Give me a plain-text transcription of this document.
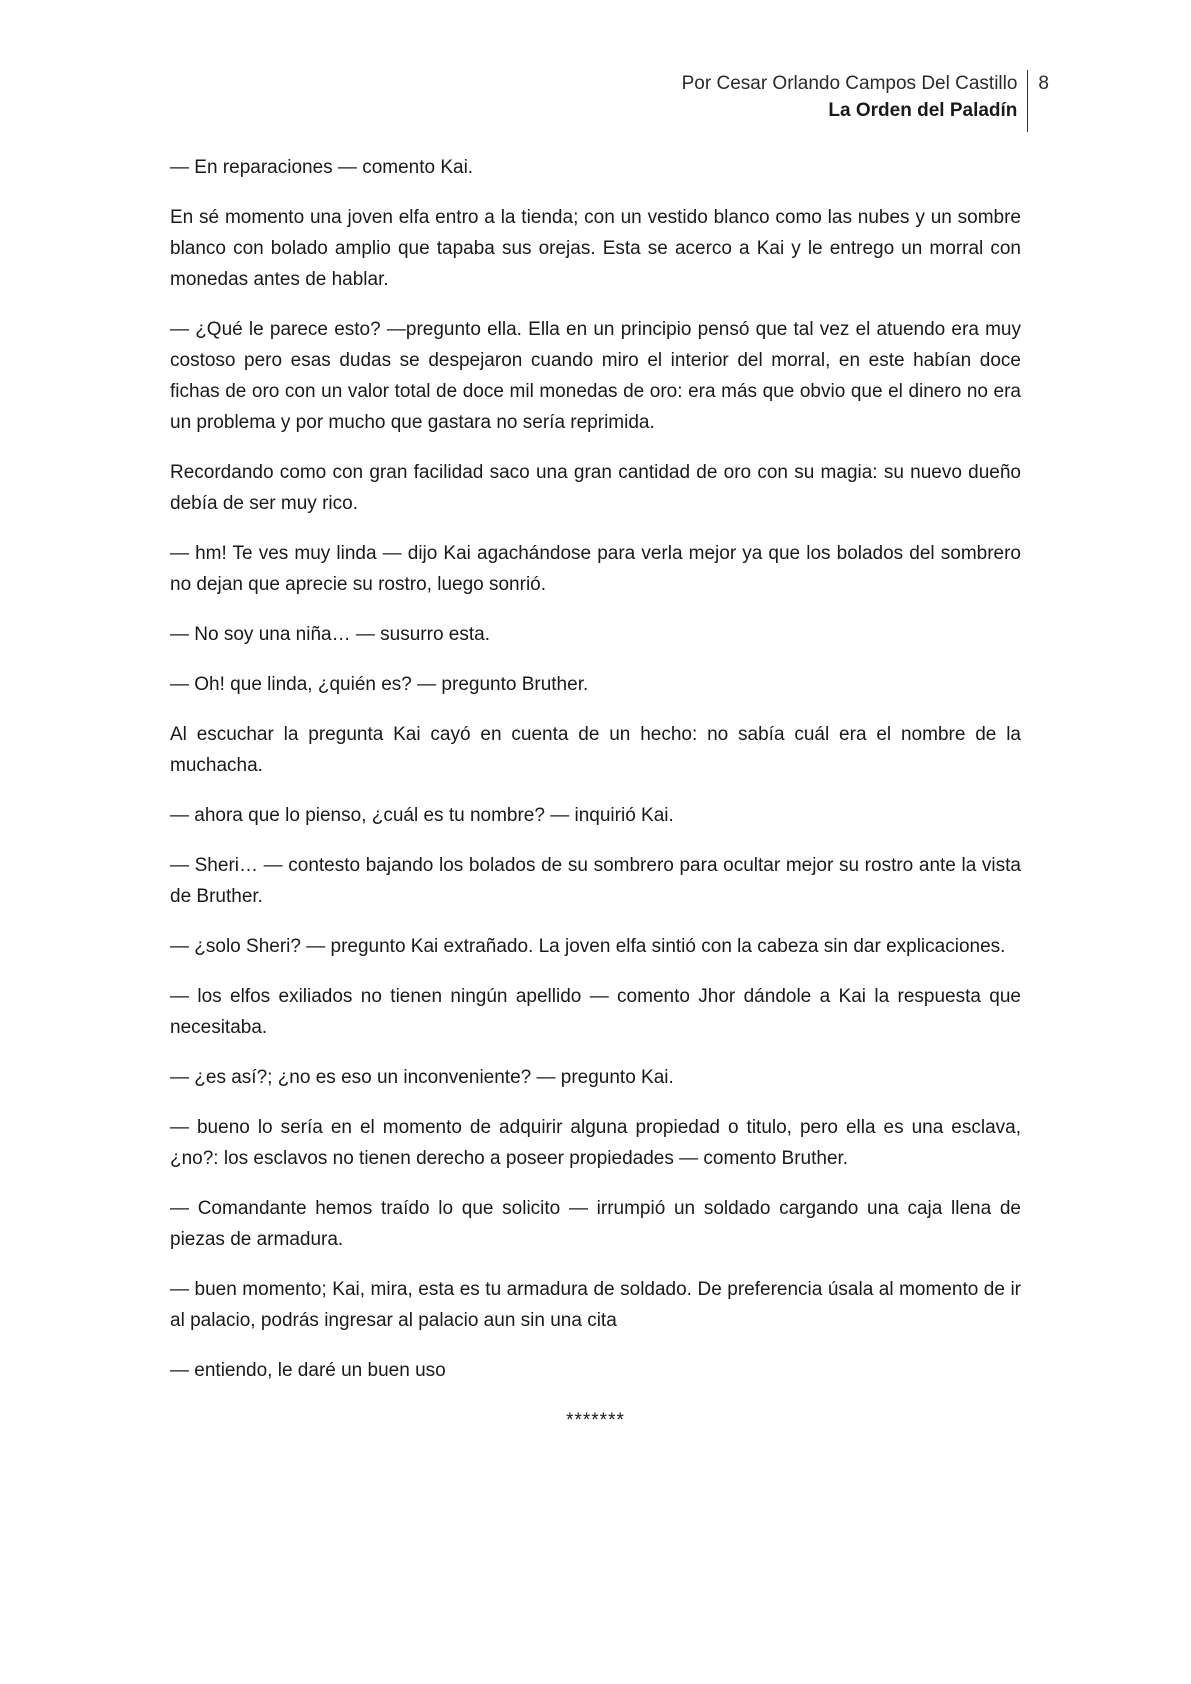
Por Cesar Orlando Campos Del Castillo
La Orden del Paladín
8

— En reparaciones — comento Kai.

En sé momento una joven elfa entro a la tienda; con un vestido blanco como las nubes y un sombre blanco con bolado amplio que tapaba sus orejas. Esta se acerco a Kai y le entrego un morral con monedas antes de hablar.

— ¿Qué le parece esto? —pregunto ella. Ella en un principio pensó que tal vez el atuendo era muy costoso pero esas dudas se despejaron cuando miro el interior del morral, en este habían doce fichas de oro con un valor total de doce mil monedas de oro: era más que obvio que el dinero no era un problema y por mucho que gastara no sería reprimida.

Recordando como con gran facilidad saco una gran cantidad de oro con su magia: su nuevo dueño debía de ser muy rico.

— hm! Te ves muy linda — dijo Kai agachándose para verla mejor ya que los bolados del sombrero no dejan que aprecie su rostro, luego sonrió.

— No soy una niña… — susurro esta.

— Oh! que linda, ¿quién es? — pregunto Bruther.

Al escuchar la pregunta Kai cayó en cuenta de un hecho: no sabía cuál era el nombre de la muchacha.

— ahora que lo pienso, ¿cuál es tu nombre? — inquirió Kai.

— Sheri… — contesto bajando los bolados de su sombrero para ocultar mejor su rostro ante la vista de Bruther.

— ¿solo Sheri? — pregunto Kai extrañado. La joven elfa sintió con la cabeza sin dar explicaciones.

— los elfos exiliados no tienen ningún apellido — comento Jhor dándole a Kai la respuesta que necesitaba.

— ¿es así?; ¿no es eso un inconveniente? — pregunto Kai.

— bueno lo sería en el momento de adquirir alguna propiedad o titulo, pero ella es una esclava, ¿no?: los esclavos no tienen derecho a poseer propiedades — comento Bruther.

— Comandante hemos traído lo que solicito — irrumpió un soldado cargando una caja llena de piezas de armadura.

— buen momento; Kai, mira, esta es tu armadura de soldado. De preferencia úsala al momento de ir al palacio, podrás ingresar al palacio aun sin una cita

— entiendo, le daré un buen uso

*******
